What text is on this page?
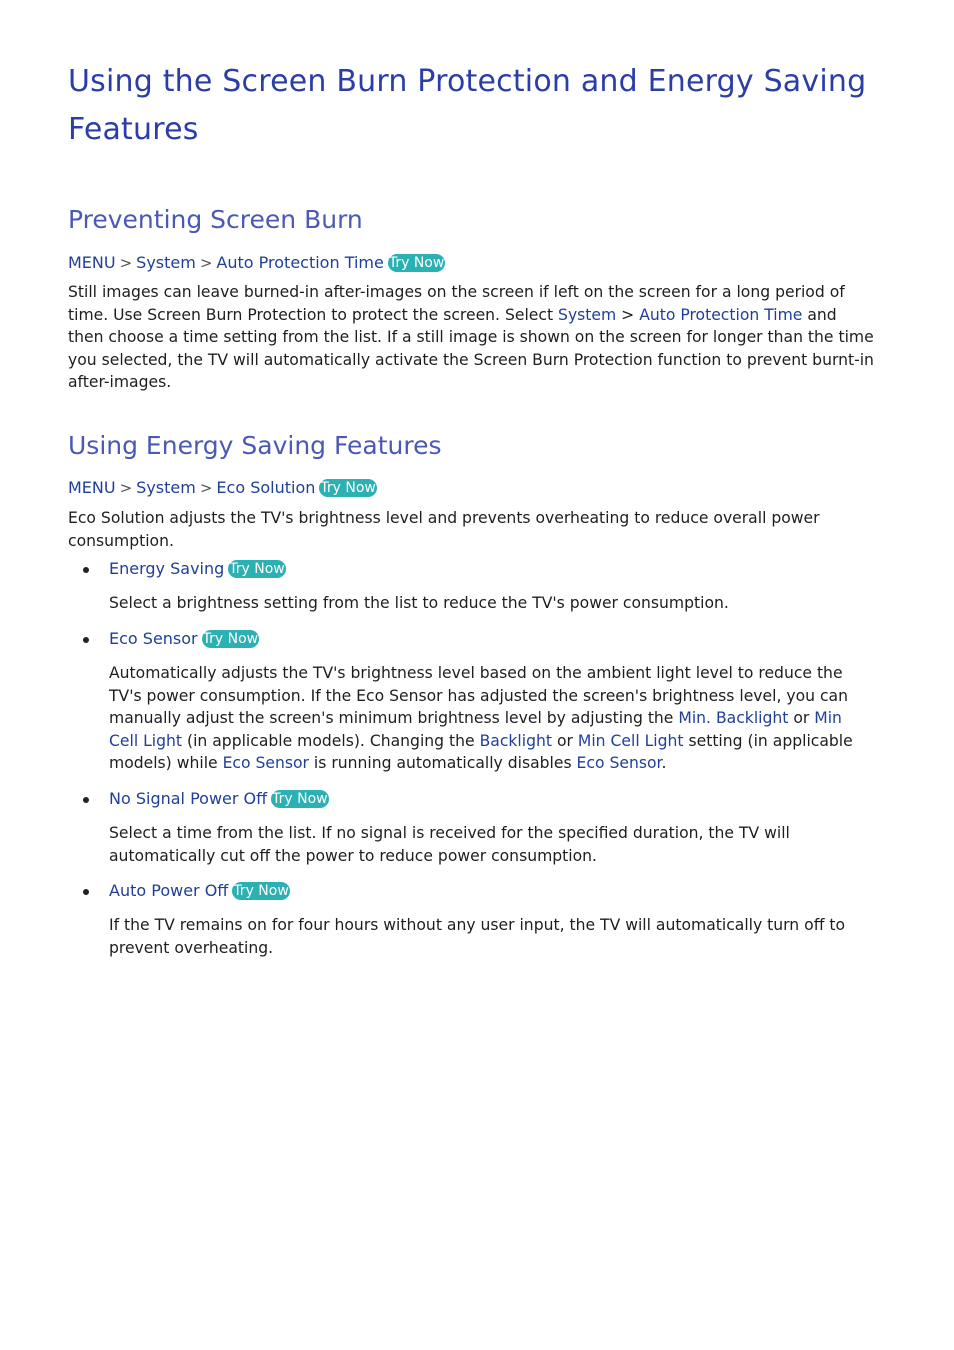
Using the Screen Burn Protection and Energy Saving Features
Preventing Screen Burn
MENU > System > Auto Protection Time Try Now

Still images can leave burned-in after-images on the screen if left on the screen for a long period of time. Use Screen Burn Protection to protect the screen. Select System > Auto Protection Time and then choose a time setting from the list. If a still image is shown on the screen for longer than the time you selected, the TV will automatically activate the Screen Burn Protection function to prevent burnt-in after-images.

Using Energy Saving Features
MENU > System > Eco Solution Try Now

Eco Solution adjusts the TV's brightness level and prevents overheating to reduce overall power consumption.

Energy Saving Try Now

Select a brightness setting from the list to reduce the TV's power consumption.

Eco Sensor Try Now

Automatically adjusts the TV's brightness level based on the ambient light level to reduce the TV's power consumption. If the Eco Sensor has adjusted the screen's brightness level, you can manually adjust the screen's minimum brightness level by adjusting the Min. Backlight or Min Cell Light (in applicable models). Changing the Backlight or Min Cell Light setting (in applicable models) while Eco Sensor is running automatically disables Eco Sensor.

No Signal Power Off Try Now

Select a time from the list. If no signal is received for the specified duration, the TV will automatically cut off the power to reduce power consumption.

Auto Power Off Try Now

If the TV remains on for four hours without any user input, the TV will automatically turn off to prevent overheating.
